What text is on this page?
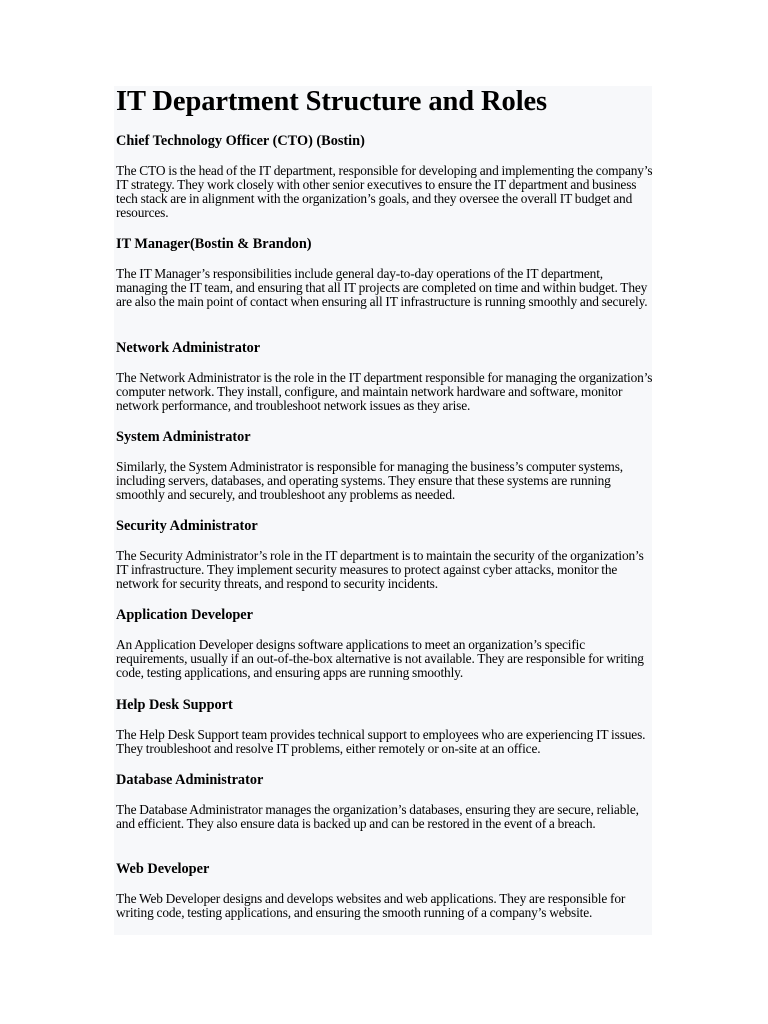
IT Department Structure and Roles
Chief Technology Officer (CTO) (Bostin)

The CTO is the head of the IT department, responsible for developing and implementing the company’s IT strategy. They work closely with other senior executives to ensure the IT department and business tech stack are in alignment with the organization’s goals, and they oversee the overall IT budget and resources.

IT Manager(Bostin & Brandon)

The IT Manager’s responsibilities include general day-to-day operations of the IT department, managing the IT team, and ensuring that all IT projects are completed on time and within budget. They are also the main point of contact when ensuring all IT infrastructure is running smoothly and securely.

Network Administrator

The Network Administrator is the role in the IT department responsible for managing the organization’s computer network. They install, configure, and maintain network hardware and software, monitor network performance, and troubleshoot network issues as they arise.

System Administrator

Similarly, the System Administrator is responsible for managing the business’s computer systems, including servers, databases, and operating systems. They ensure that these systems are running smoothly and securely, and troubleshoot any problems as needed.

Security Administrator

The Security Administrator’s role in the IT department is to maintain the security of the organization’s IT infrastructure. They implement security measures to protect against cyber attacks, monitor the network for security threats, and respond to security incidents.

Application Developer

An Application Developer designs software applications to meet an organization’s specific requirements, usually if an out-of-the-box alternative is not available. They are responsible for writing code, testing applications, and ensuring apps are running smoothly.

Help Desk Support

The Help Desk Support team provides technical support to employees who are experiencing IT issues. They troubleshoot and resolve IT problems, either remotely or on-site at an office.

Database Administrator

The Database Administrator manages the organization’s databases, ensuring they are secure, reliable, and efficient. They also ensure data is backed up and can be restored in the event of a breach.

Web Developer

The Web Developer designs and develops websites and web applications. They are responsible for writing code, testing applications, and ensuring the smooth running of a company’s website.
